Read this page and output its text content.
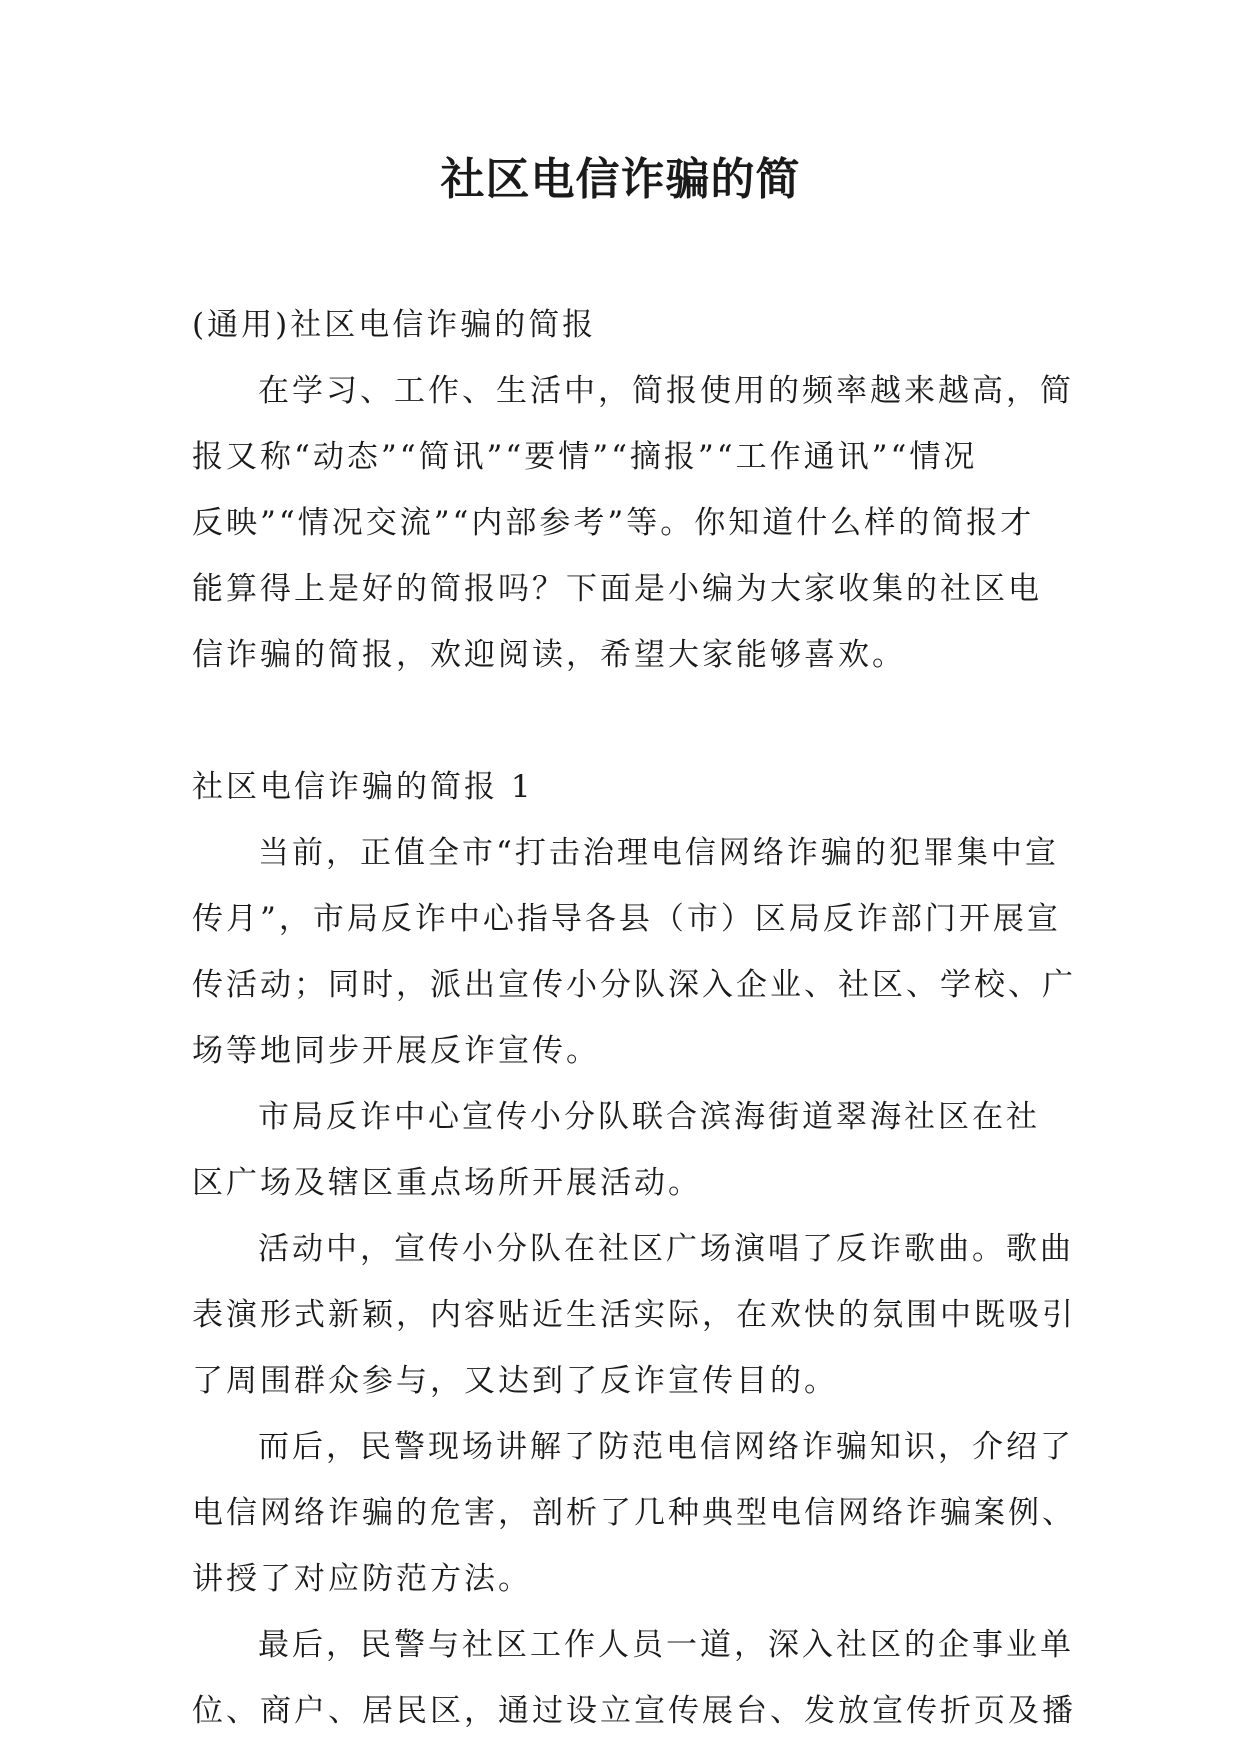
社区电信诈骗的简
(通用)社区电信诈骗的简报
在学习、工作、生活中，简报使用的频率越来越高，简
报又称“动态”“简讯”“要情”“摘报”“工作通讯”“情况
反映”“情况交流”“内部参考”等。你知道什么样的简报才
能算得上是好的简报吗？下面是小编为大家收集的社区电
信诈骗的简报，欢迎阅读，希望大家能够喜欢。
社区电信诈骗的简报 1
当前，正值全市“打击治理电信网络诈骗的犯罪集中宣
传月”，市局反诈中心指导各县（市）区局反诈部门开展宣
传活动；同时，派出宣传小分队深入企业、社区、学校、广
场等地同步开展反诈宣传。
市局反诈中心宣传小分队联合滨海街道翠海社区在社
区广场及辖区重点场所开展活动。
活动中，宣传小分队在社区广场演唱了反诈歌曲。歌曲
表演形式新颖，内容贴近生活实际，在欢快的氛围中既吸引
了周围群众参与，又达到了反诈宣传目的。
而后，民警现场讲解了防范电信网络诈骗知识，介绍了
电信网络诈骗的危害，剖析了几种典型电信网络诈骗案例、
讲授了对应防范方法。
最后，民警与社区工作人员一道，深入社区的企事业单
位、商户、居民区，通过设立宣传展台、发放宣传折页及播
